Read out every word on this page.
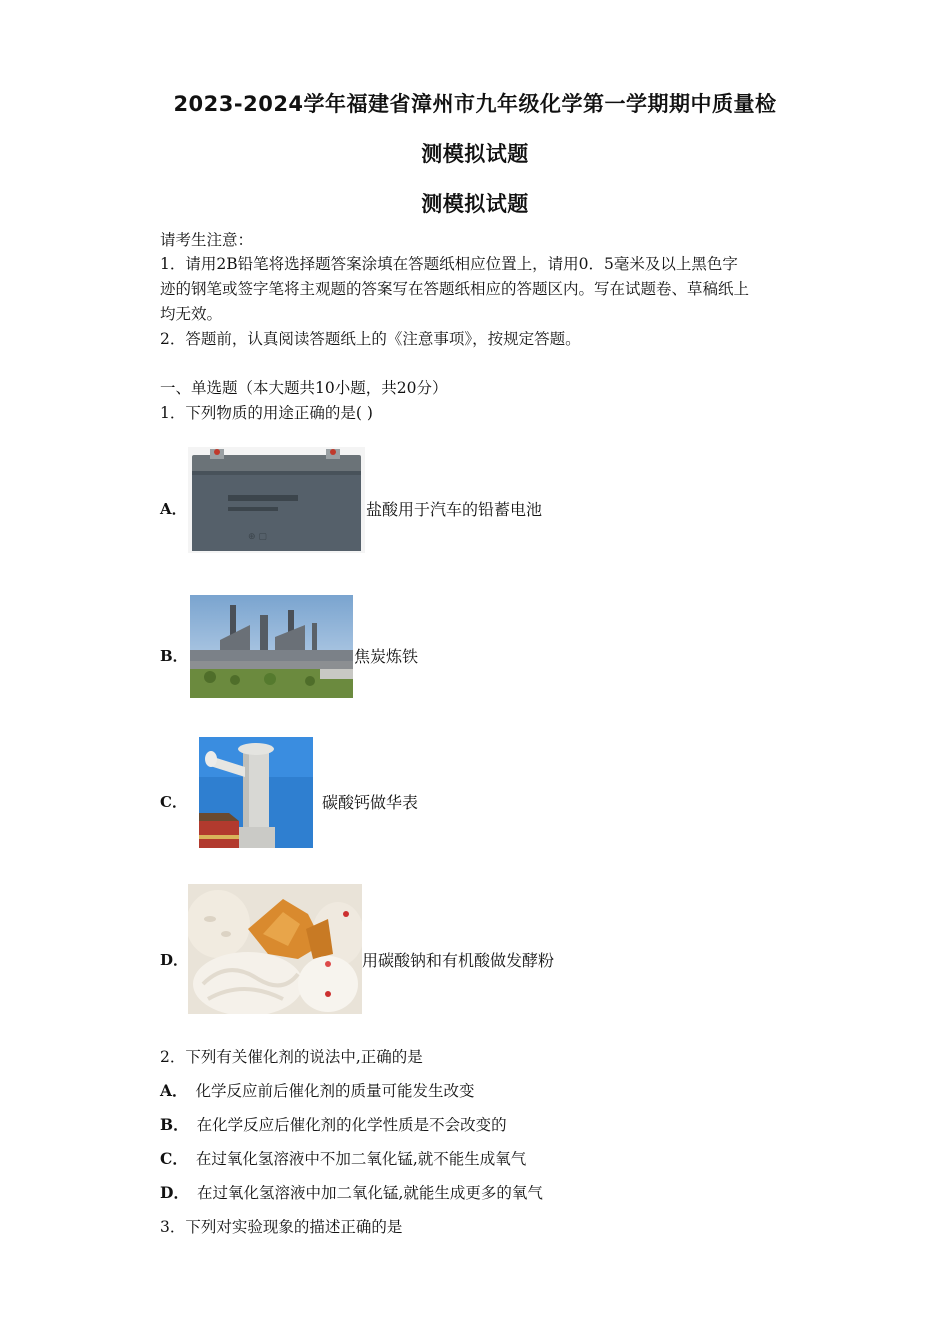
2023-2024学年福建省漳州市九年级化学第一学期期中质量检
测模拟试题
测模拟试题
请考生注意：
1．请用2B铅笔将选择题答案涂填在答题纸相应位置上，请用0．5毫米及以上黑色字
迹的钢笔或签字笔将主观题的答案写在答题纸相应的答题区内。写在试题卷、草稿纸上
均无效。
2．答题前，认真阅读答题纸上的《注意事项》，按规定答题。
一、单选题（本大题共10小题，共20分）
1．下列物质的用途正确的是( )
A．
⊕ ▢
盐酸用于汽车的铅蓄电池
B．	焦炭炼铁
C．	碳酸钙做华表
D．	用碳酸钠和有机酸做发酵粉
2．下列有关催化剂的说法中,正确的是
A． 化学反应前后催化剂的质量可能发生改变
B． 在化学反应后催化剂的化学性质是不会改变的
C． 在过氧化氢溶液中不加二氧化锰,就不能生成氧气
D． 在过氧化氢溶液中加二氧化锰,就能生成更多的氧气
3．下列对实验现象的描述正确的是
